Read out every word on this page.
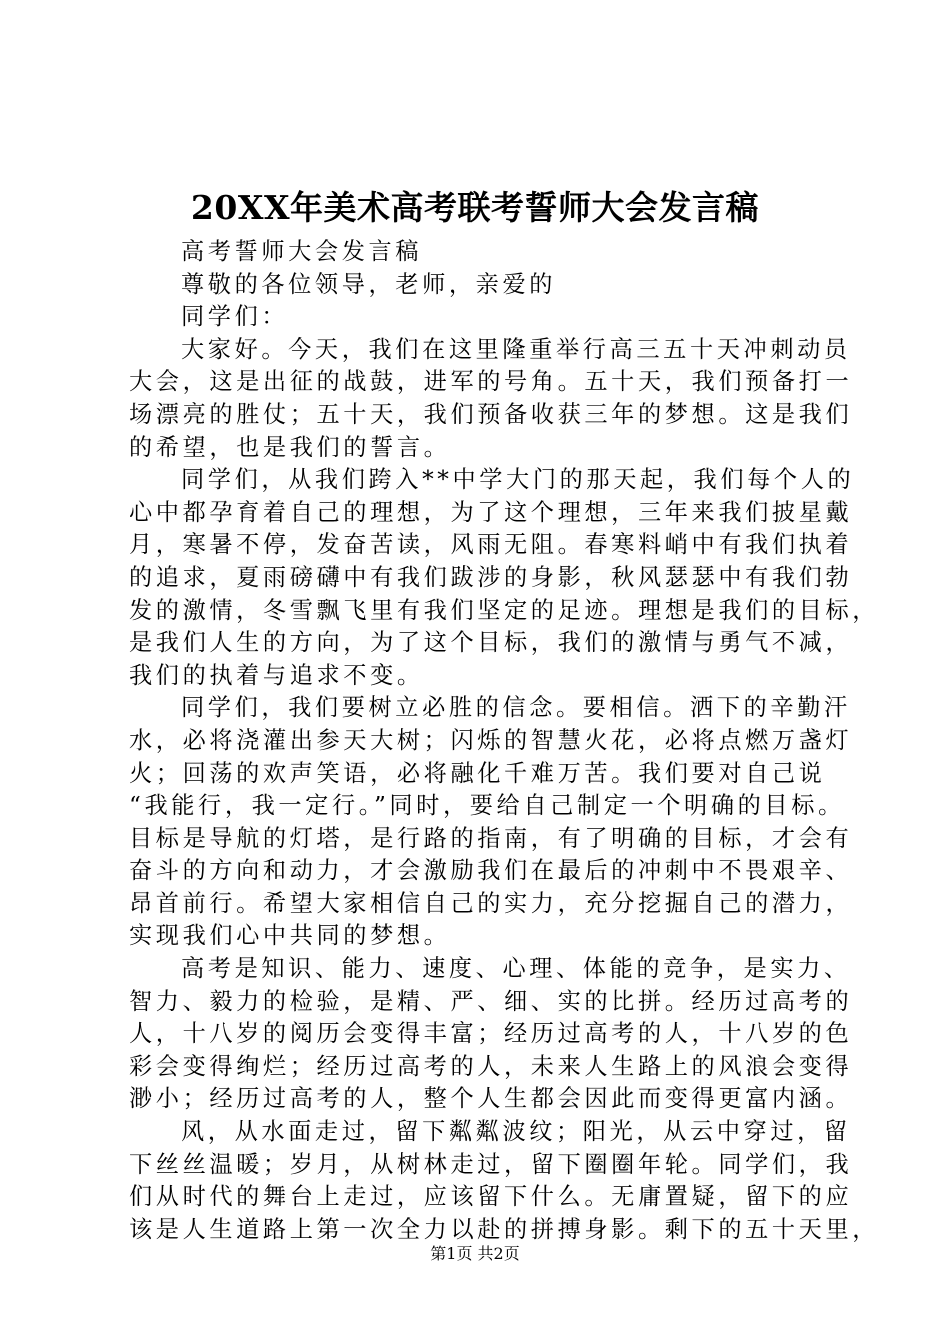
20XX年美术高考联考誓师大会发言稿
高考誓师大会发言稿
尊敬的各位领导，老师，亲爱的
同学们：
大家好。今天，我们在这里隆重举行高三五十天冲刺动员
大会，这是出征的战鼓，进军的号角。五十天，我们预备打一
场漂亮的胜仗；五十天，我们预备收获三年的梦想。这是我们
的希望，也是我们的誓言。
同学们，从我们跨入**中学大门的那天起，我们每个人的
心中都孕育着自己的理想，为了这个理想，三年来我们披星戴
月，寒暑不停，发奋苦读，风雨无阻。春寒料峭中有我们执着
的追求，夏雨磅礴中有我们跋涉的身影，秋风瑟瑟中有我们勃
发的激情，冬雪飘飞里有我们坚定的足迹。理想是我们的目标，
是我们人生的方向，为了这个目标，我们的激情与勇气不减，
我们的执着与追求不变。
同学们，我们要树立必胜的信念。要相信。洒下的辛勤汗
水，必将浇灌出参天大树；闪烁的智慧火花，必将点燃万盏灯
火；回荡的欢声笑语，必将融化千难万苦。我们要对自己说
“我能行，我一定行。”同时，要给自己制定一个明确的目标。
目标是导航的灯塔，是行路的指南，有了明确的目标，才会有
奋斗的方向和动力，才会激励我们在最后的冲刺中不畏艰辛、
昂首前行。希望大家相信自己的实力，充分挖掘自己的潜力，
实现我们心中共同的梦想。
高考是知识、能力、速度、心理、体能的竞争，是实力、
智力、毅力的检验，是精、严、细、实的比拼。经历过高考的
人，十八岁的阅历会变得丰富；经历过高考的人，十八岁的色
彩会变得绚烂；经历过高考的人，未来人生路上的风浪会变得
渺小；经历过高考的人，整个人生都会因此而变得更富内涵。
风，从水面走过，留下粼粼波纹；阳光，从云中穿过，留
下丝丝温暖；岁月，从树林走过，留下圈圈年轮。同学们，我
们从时代的舞台上走过，应该留下什么。无庸置疑，留下的应
该是人生道路上第一次全力以赴的拼搏身影。剩下的五十天里，
第1页 共2页
